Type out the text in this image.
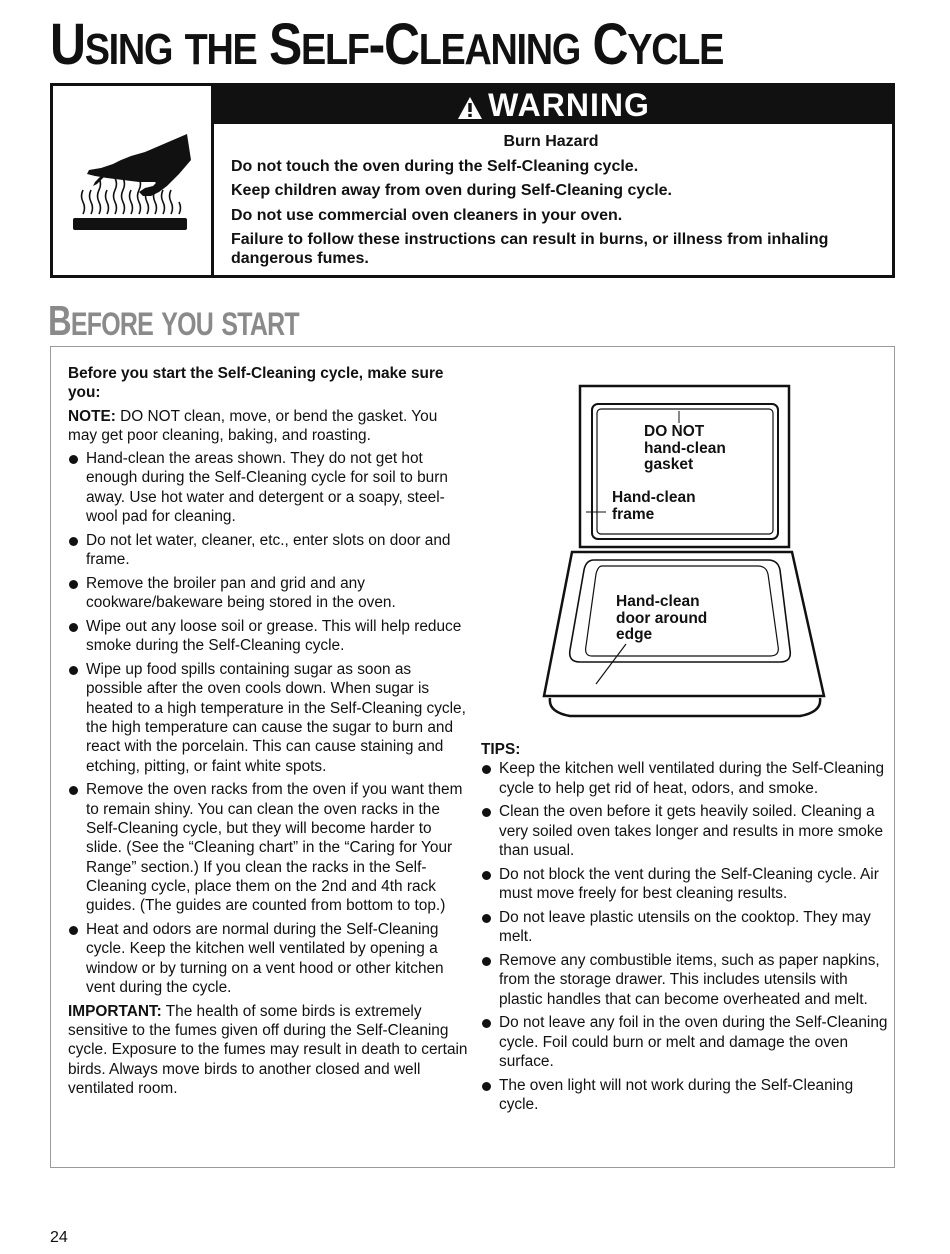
USING THE SELF-CLEANING CYCLE
WARNING
Burn Hazard
Do not touch the oven during the Self-Cleaning cycle.
Keep children away from oven during Self-Cleaning cycle.
Do not use commercial oven cleaners in your oven.
Failure to follow these instructions can result in burns, or illness from inhaling dangerous fumes.
BEFORE YOU START

Before you start the Self-Cleaning cycle, make sure you:

NOTE: DO NOT clean, move, or bend the gasket. You may get poor cleaning, baking, and roasting.

Hand-clean the areas shown. They do not get hot enough during the Self-Cleaning cycle for soil to burn away. Use hot water and detergent or a soapy, steel-wool pad for cleaning.
Do not let water, cleaner, etc., enter slots on door and frame.
Remove the broiler pan and grid and any cookware/bakeware being stored in the oven.
Wipe out any loose soil or grease. This will help reduce smoke during the Self-Cleaning cycle.
Wipe up food spills containing sugar as soon as possible after the oven cools down. When sugar is heated to a high temperature in the Self-Cleaning cycle, the high temperature can cause the sugar to burn and react with the porcelain. This can cause staining and etching, pitting, or faint white spots.
Remove the oven racks from the oven if you want them to remain shiny. You can clean the oven racks in the Self-Cleaning cycle, but they will become harder to slide. (See the “Cleaning chart” in the “Caring for Your Range” section.) If you clean the racks in the Self-Cleaning cycle, place them on the 2nd and 4th rack guides. (The guides are counted from bottom to top.)
Heat and odors are normal during the Self-Cleaning cycle. Keep the kitchen well ventilated by opening a window or by turning on a vent hood or other kitchen vent during the cycle.

IMPORTANT: The health of some birds is extremely sensitive to the fumes given off during the Self-Cleaning cycle. Exposure to the fumes may result in death to certain birds. Always move birds to another closed and well ventilated room.

DO NOT
hand-clean
gasket
Hand-clean
frame
Hand-clean
door around
edge

TIPS:

Keep the kitchen well ventilated during the Self-Cleaning cycle to help get rid of heat, odors, and smoke.
Clean the oven before it gets heavily soiled. Cleaning a very soiled oven takes longer and results in more smoke than usual.
Do not block the vent during the Self-Cleaning cycle. Air must move freely for best cleaning results.
Do not leave plastic utensils on the cooktop. They may melt.
Remove any combustible items, such as paper napkins, from the storage drawer. This includes utensils with plastic handles that can become overheated and melt.
Do not leave any foil in the oven during the Self-Cleaning cycle. Foil could burn or melt and damage the oven surface.
The oven light will not work during the Self-Cleaning cycle.
24
